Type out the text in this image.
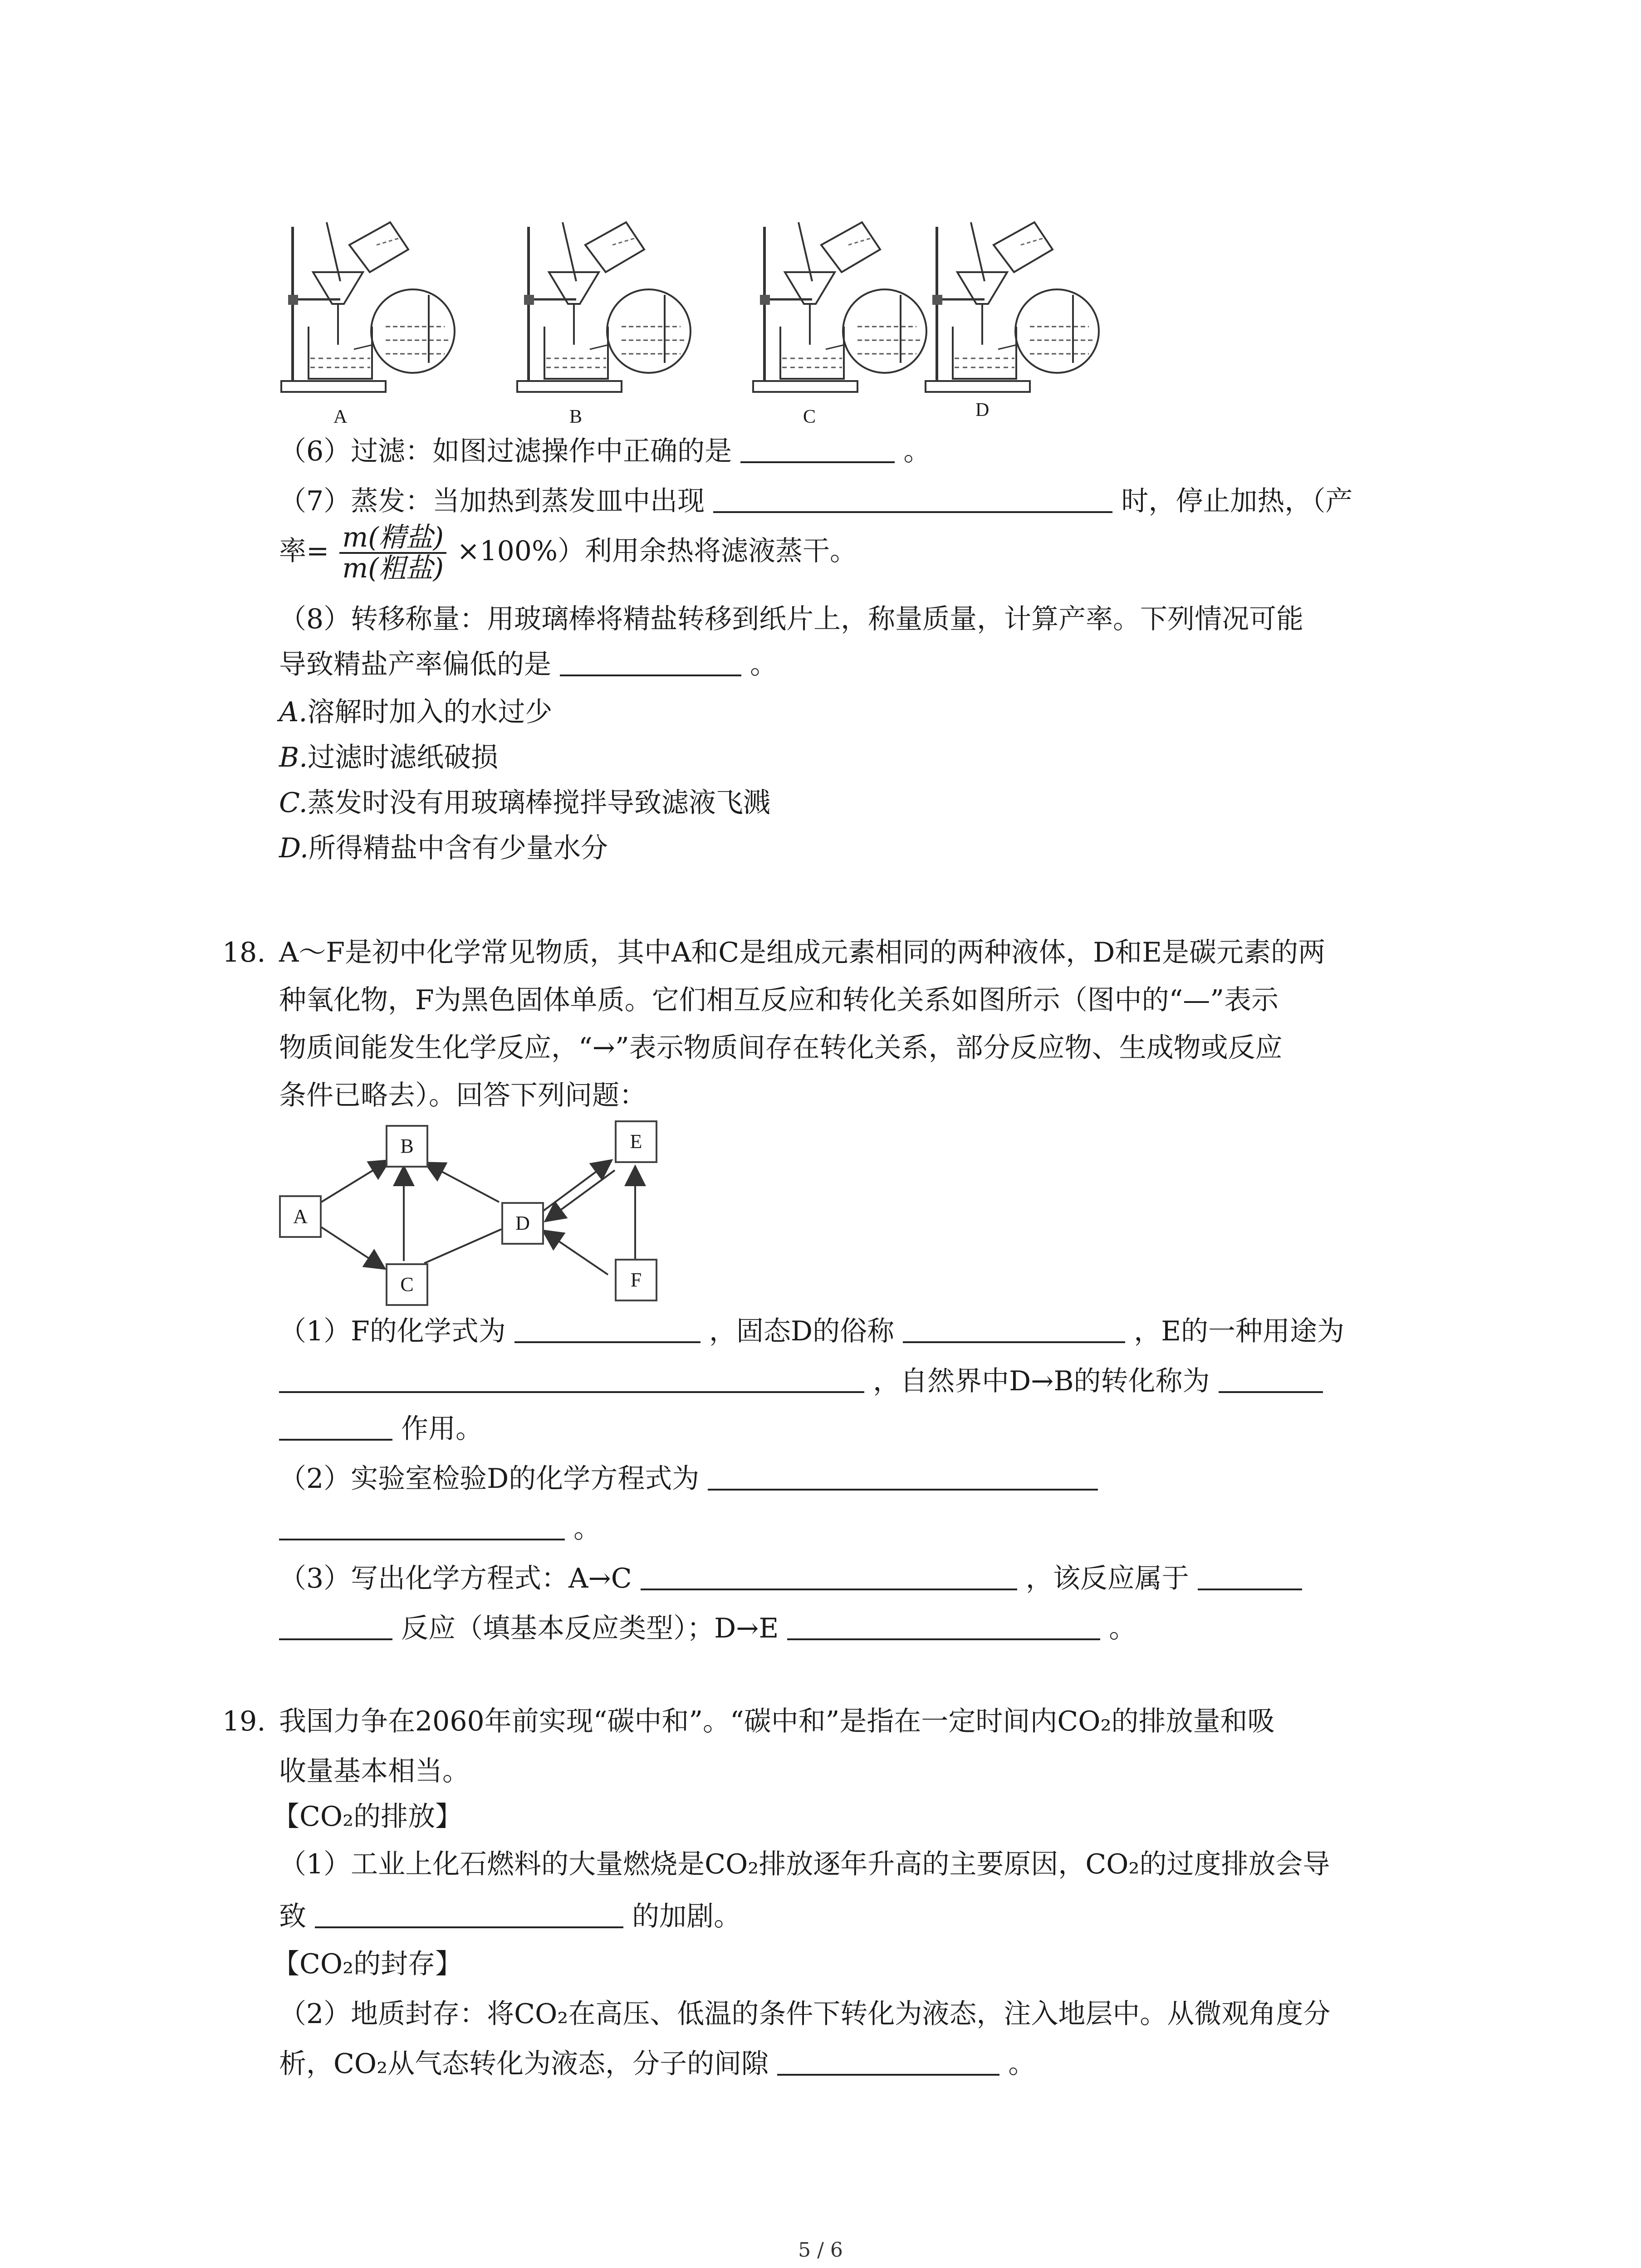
A	B	C	D
（6）过滤：如图过滤操作中正确的是	。
（7）蒸发：当加热到蒸发皿中出现	时，停止加热，（产
率= $\frac{\text{m(精盐)}}{\text{m(粗盐)}} \times 100\%$）利用余热将滤液蒸干。
（8）转移称量：用玻璃棒将精盐转移到纸片上，称量质量，计算产率。下列情况可能
导致精盐产率偏低的是	。
A.溶解时加入的水过少
B.过滤时滤纸破损
C.蒸发时没有用玻璃棒搅拌导致滤液飞溅
D.所得精盐中含有少量水分
18. A～F是初中化学常见物质，其中A和C是组成元素相同的两种液体，D和E是碳元素的两
种氧化物，F为黑色固体单质。它们相互反应和转化关系如图所示（图中的“—”表示
物质间能发生化学反应，“→”表示物质间存在转化关系，部分反应物、生成物或反应
条件已略去）。回答下列问题：
A
B
C
D
E
F
（1）F的化学式为	，固态D的俗称	，E的一种用途为
，自然界中D→B的转化称为
作用。
（2）实验室检验D的化学方程式为
。
（3）写出化学方程式：A→C	，该反应属于
反应（填基本反应类型）；D→E	。
19. 我国力争在2060年前实现“碳中和”。“碳中和”是指在一定时间内CO₂的排放量和吸
收量基本相当。
【CO₂的排放】
（1）工业上化石燃料的大量燃烧是CO₂排放逐年升高的主要原因，CO₂的过度排放会导
致	的加剧。
【CO₂的封存】
（2）地质封存：将CO₂在高压、低温的条件下转化为液态，注入地层中。从微观角度分
析，CO₂从气态转化为液态，分子的间隙	。
5 / 6
